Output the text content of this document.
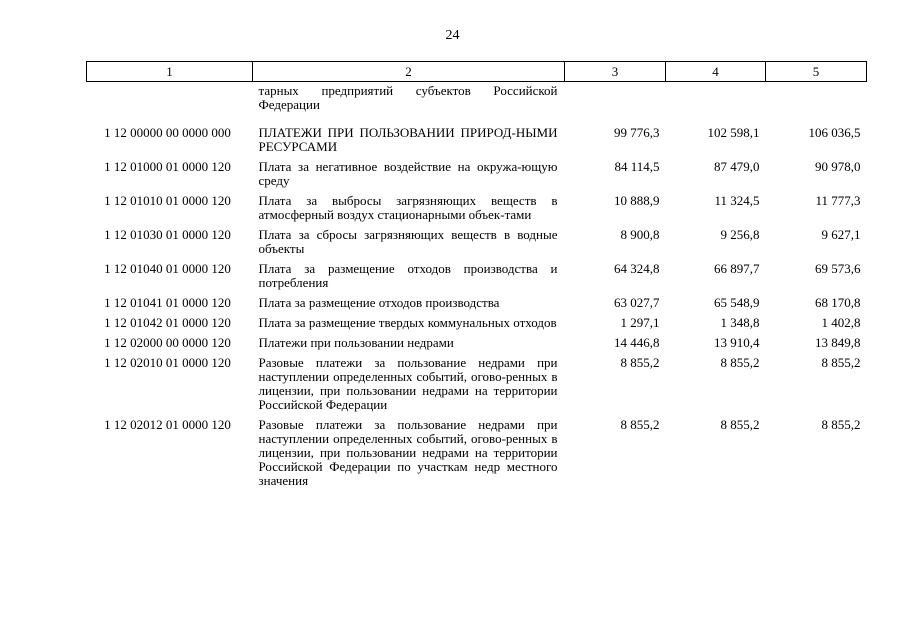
24
1	2	3	4	5
	тарных предприятий субъектов Российской Федерации			
1 12 00000 00 0000 000	ПЛАТЕЖИ ПРИ ПОЛЬЗОВАНИИ ПРИРОД-НЫМИ РЕСУРСАМИ	99 776,3	102 598,1	106 036,5
1 12 01000 01 0000 120	Плата за негативное воздействие на окружа-ющую среду	84 114,5	87 479,0	90 978,0
1 12 01010 01 0000 120	Плата за выбросы загрязняющих веществ в атмосферный воздух стационарными объек-тами	10 888,9	11 324,5	11 777,3
1 12 01030 01 0000 120	Плата за сбросы загрязняющих веществ в водные объекты	8 900,8	9 256,8	9 627,1
1 12 01040 01 0000 120	Плата за размещение отходов производства и потребления	64 324,8	66 897,7	69 573,6
1 12 01041 01 0000 120	Плата за размещение отходов производства	63 027,7	65 548,9	68 170,8
1 12 01042 01 0000 120	Плата за размещение твердых коммунальных отходов	1 297,1	1 348,8	1 402,8
1 12 02000 00 0000 120	Платежи при пользовании недрами	14 446,8	13 910,4	13 849,8
1 12 02010 01 0000 120	Разовые платежи за пользование недрами при наступлении определенных событий, огово-ренных в лицензии, при пользовании недрами на территории Российской Федерации	8 855,2	8 855,2	8 855,2
1 12 02012 01 0000 120	Разовые платежи за пользование недрами при наступлении определенных событий, огово-ренных в лицензии, при пользовании недрами на территории Российской Федерации по участкам недр местного значения	8 855,2	8 855,2	8 855,2
